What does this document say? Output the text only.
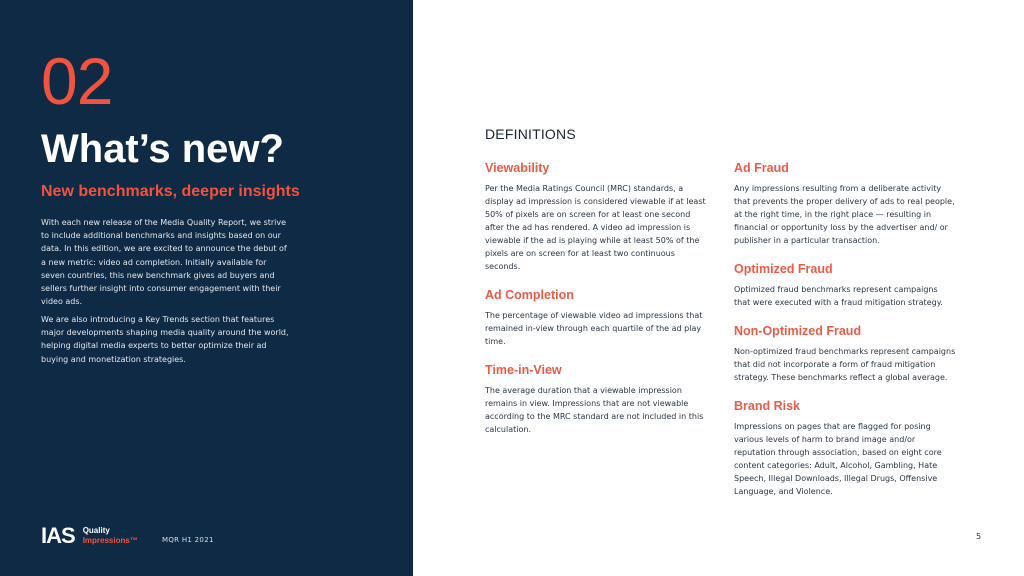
02
What’s new?
New benchmarks, deeper insights

With each new release of the Media Quality Report, we strive to include additional benchmarks and insights based on our data. In this edition, we are excited to announce the debut of a new metric: video ad completion. Initially available for seven countries, this new benchmark gives ad buyers and sellers further insight into consumer engagement with their video ads.

We are also introducing a Key Trends section that features major developments shaping media quality around the world, helping digital media experts to better optimize their ad buying and monetization strategies.

IAS Quality
Impressions™	MQR H1 2021
DEFINITIONS
Viewability
Per the Media Ratings Council (MRC) standards, a display ad impression is considered viewable if at least 50% of pixels are on screen for at least one second after the ad has rendered. A video ad impression is viewable if the ad is playing while at least 50% of the pixels are on screen for at least two continuous seconds.
Ad Completion
The percentage of viewable video ad impressions that remained in-view through each quartile of the ad play time.
Time-in-View
The average duration that a viewable impression remains in view. Impressions that are not viewable according to the MRC standard are not included in this calculation.
Ad Fraud
Any impressions resulting from a deliberate activity that prevents the proper delivery of ads to real people, at the right time, in the right place — resulting in financial or opportunity loss by the advertiser and/ or publisher in a particular transaction.
Optimized Fraud
Optimized fraud benchmarks represent campaigns that were executed with a fraud mitigation strategy.
Non-Optimized Fraud
Non-optimized fraud benchmarks represent campaigns that did not incorporate a form of fraud mitigation strategy. These benchmarks reflect a global average.
Brand Risk
Impressions on pages that are flagged for posing various levels of harm to brand image and/or reputation through association, based on eight core content categories: Adult, Alcohol, Gambling, Hate Speech, Illegal Downloads, Illegal Drugs, Offensive Language, and Violence.
5
